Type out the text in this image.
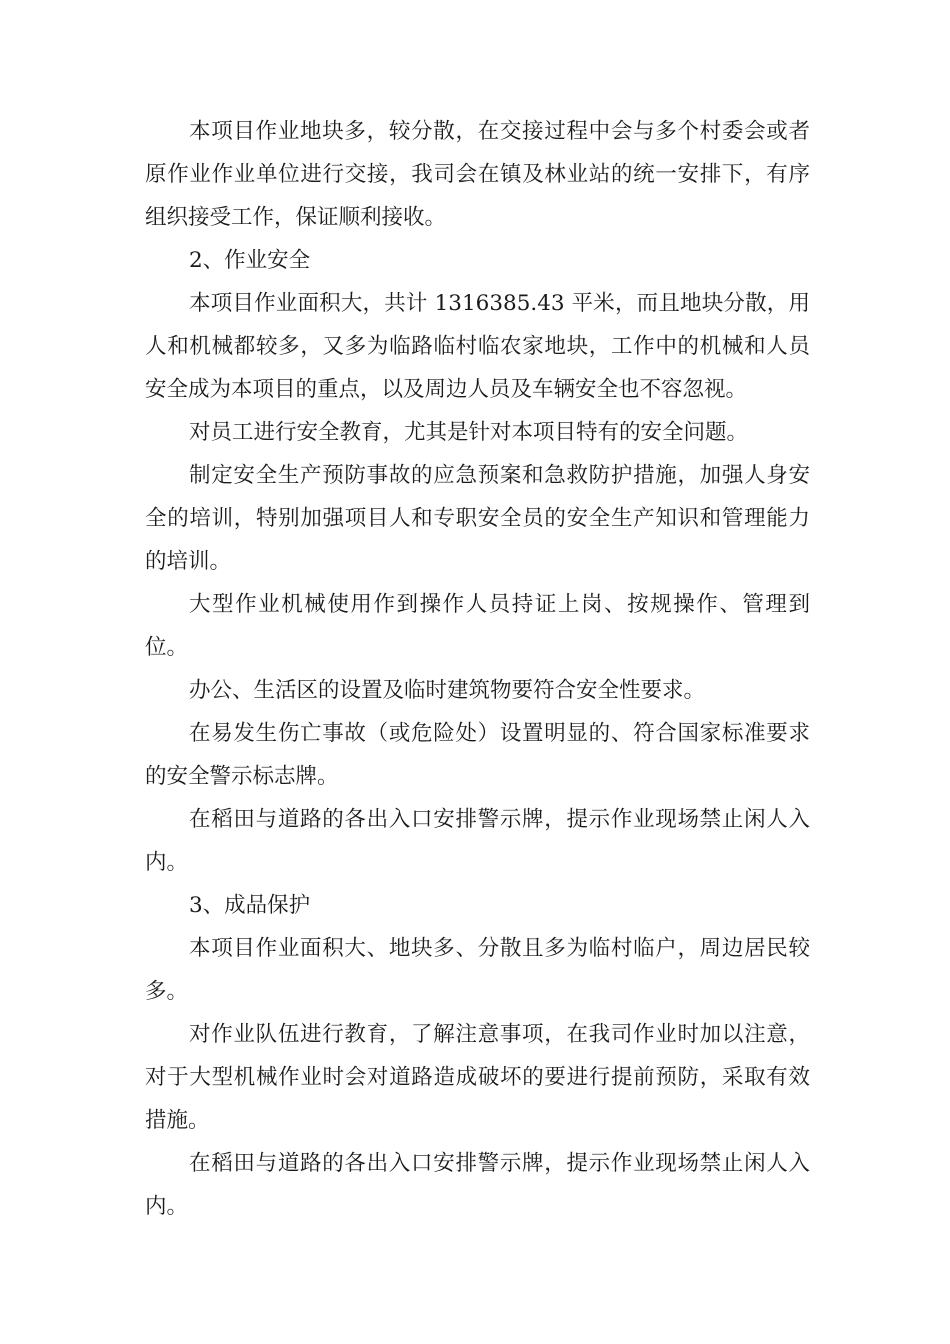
本项目作业地块多，较分散，在交接过程中会与多个村委会或者原作业作业单位进行交接，我司会在镇及林业站的统一安排下，有序组织接受工作，保证顺利接收。

2、作业安全

本项目作业面积大，共计 1316385.43 平米，而且地块分散，用人和机械都较多，又多为临路临村临农家地块，工作中的机械和人员安全成为本项目的重点，以及周边人员及车辆安全也不容忽视。

对员工进行安全教育，尤其是针对本项目特有的安全问题。

制定安全生产预防事故的应急预案和急救防护措施，加强人身安全的培训，特别加强项目人和专职安全员的安全生产知识和管理能力的培训。

大型作业机械使用作到操作人员持证上岗、按规操作、管理到位。

办公、生活区的设置及临时建筑物要符合安全性要求。

在易发生伤亡事故（或危险处）设置明显的、符合国家标准要求的安全警示标志牌。

在稻田与道路的各出入口安排警示牌，提示作业现场禁止闲人入内。

3、成品保护

本项目作业面积大、地块多、分散且多为临村临户，周边居民较多。

对作业队伍进行教育，了解注意事项，在我司作业时加以注意，对于大型机械作业时会对道路造成破坏的要进行提前预防，采取有效措施。

在稻田与道路的各出入口安排警示牌，提示作业现场禁止闲人入内。
